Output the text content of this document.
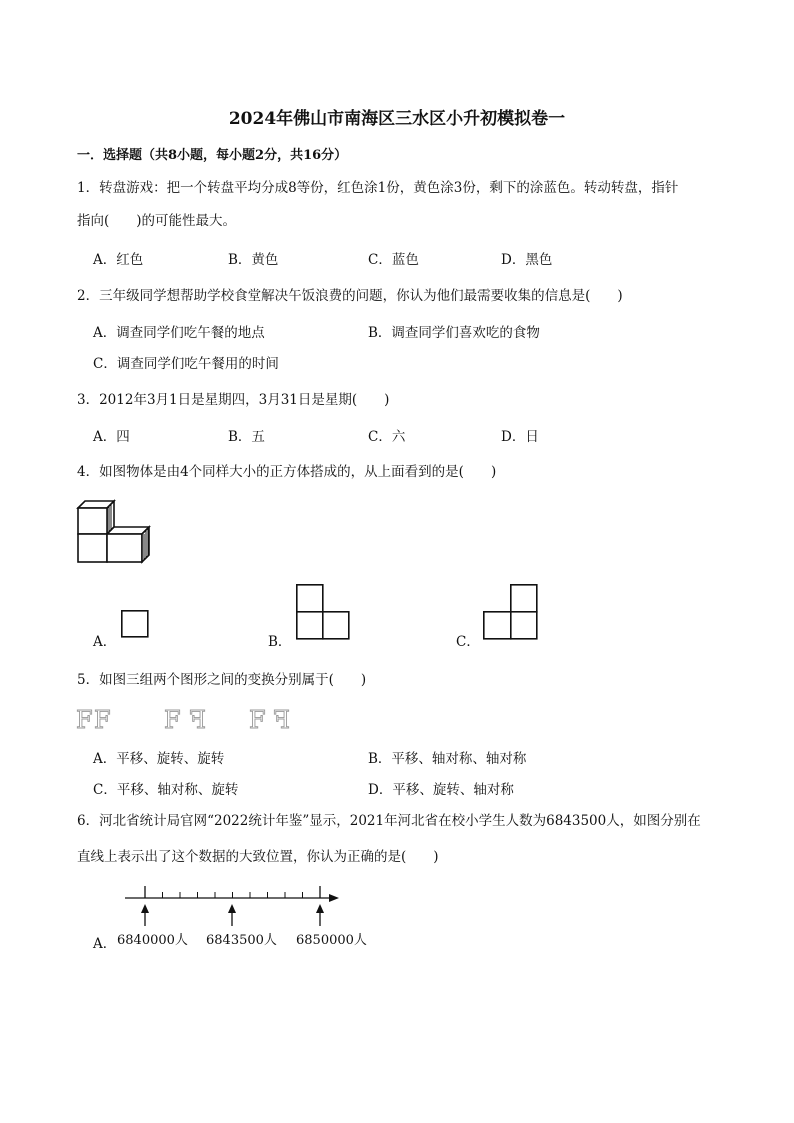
2024年佛山市南海区三水区小升初模拟卷一
一．选择题（共8小题，每小题2分，共16分）
1．转盘游戏：把一个转盘平均分成8等份，红色涂1份，黄色涂3份，剩下的涂蓝色。转动转盘，指针
指向(　　)的可能性最大。
A．红色	B．黄色	C．蓝色	D．黑色
2．三年级同学想帮助学校食堂解决午饭浪费的问题，你认为他们最需要收集的信息是(　　)
A．调查同学们吃午餐的地点	B．调查同学们喜欢吃的食物
C．调查同学们吃午餐用的时间
3．2012年3月1日是星期四，3月31日是星期(　　)
A．四	B．五	C．六	D．日
4．如图物体是由4个同样大小的正方体搭成的，从上面看到的是(　　)
A．	B．	C．
5．如图三组两个图形之间的变换分别属于(　　)
F F F F F F
A．平移、旋转、旋转	B．平移、轴对称、轴对称
C．平移、轴对称、旋转	D．平移、旋转、轴对称
6．河北省统计局官网“2022统计年鉴”显示，2021年河北省在校小学生人数为6843500人，如图分别在
直线上表示出了这个数据的大致位置，你认为正确的是(　　)
A． 6840000人 6843500人 6850000人
